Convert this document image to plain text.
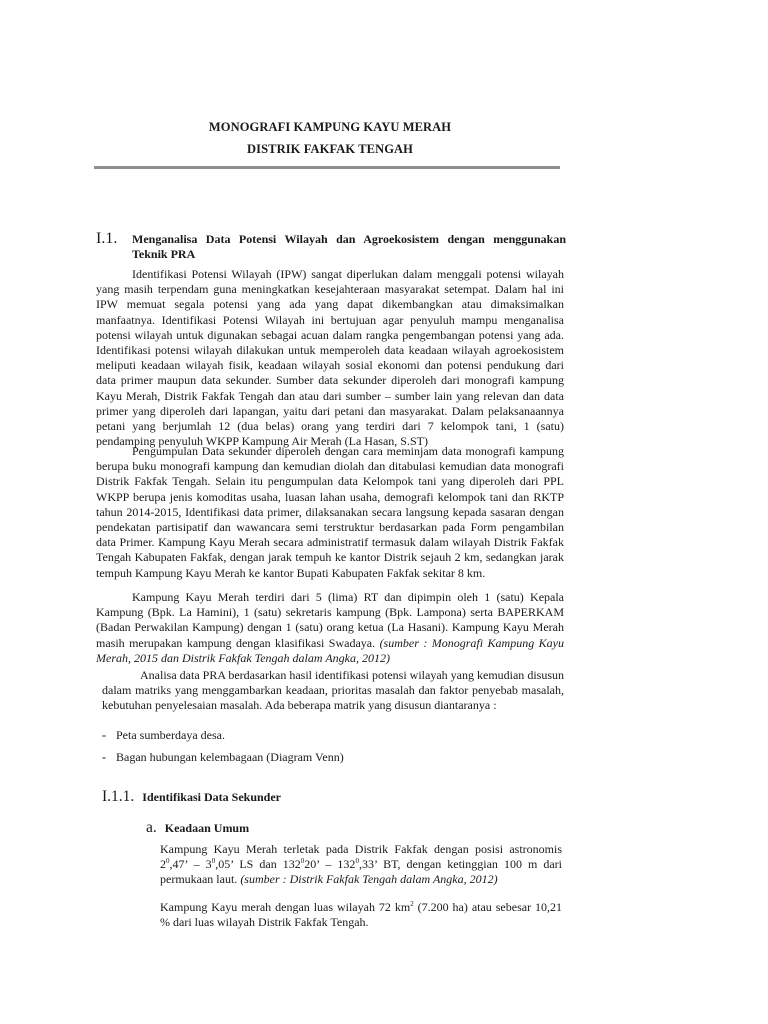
MONOGRAFI KAMPUNG KAYU MERAH
DISTRIK FAKFAK TENGAH
I.1. Menganalisa Data Potensi Wilayah dan Agroekosistem dengan menggunakan Teknik PRA

Identifikasi Potensi Wilayah (IPW) sangat diperlukan dalam menggali potensi wilayah yang masih terpendam guna meningkatkan kesejahteraan masyarakat setempat. Dalam hal ini IPW memuat segala potensi yang ada yang dapat dikembangkan atau dimaksimalkan manfaatnya. Identifikasi Potensi Wilayah ini bertujuan agar penyuluh mampu menganalisa potensi wilayah untuk digunakan sebagai acuan dalam rangka pengembangan potensi yang ada. Identifikasi potensi wilayah dilakukan untuk memperoleh data keadaan wilayah agroekosistem meliputi keadaan wilayah fisik, keadaan wilayah sosial ekonomi dan potensi pendukung dari data primer maupun data sekunder. Sumber data sekunder diperoleh dari monografi kampung Kayu Merah, Distrik Fakfak Tengah dan atau dari sumber – sumber lain yang relevan dan data primer yang diperoleh dari lapangan, yaitu dari petani dan masyarakat. Dalam pelaksanaannya petani yang berjumlah 12 (dua belas) orang yang terdiri dari 7 kelompok tani, 1 (satu) pendamping penyuluh WKPP Kampung Air Merah (La Hasan, S.ST)

Pengumpulan Data sekunder diperoleh dengan cara meminjam data monografi kampung berupa buku monografi kampung dan kemudian diolah dan ditabulasi kemudian data monografi Distrik Fakfak Tengah. Selain itu pengumpulan data Kelompok tani yang diperoleh dari PPL WKPP berupa jenis komoditas usaha, luasan lahan usaha, demografi kelompok tani dan RKTP tahun 2014-2015, Identifikasi data primer, dilaksanakan secara langsung kepada sasaran dengan pendekatan partisipatif dan wawancara semi terstruktur berdasarkan pada Form pengambilan data Primer. Kampung Kayu Merah secara administratif termasuk dalam wilayah Distrik Fakfak Tengah Kabupaten Fakfak, dengan jarak tempuh ke kantor Distrik sejauh 2 km, sedangkan jarak tempuh Kampung Kayu Merah ke kantor Bupati Kabupaten Fakfak sekitar 8 km.

Kampung Kayu Merah terdiri dari 5 (lima) RT dan dipimpin oleh 1 (satu) Kepala Kampung (Bpk. La Hamini), 1 (satu) sekretaris kampung (Bpk. Lampona) serta BAPERKAM (Badan Perwakilan Kampung) dengan 1 (satu) orang ketua (La Hasani). Kampung Kayu Merah masih merupakan kampung dengan klasifikasi Swadaya. (sumber : Monografi Kampung Kayu Merah, 2015 dan Distrik Fakfak Tengah dalam Angka, 2012)

Analisa data PRA berdasarkan hasil identifikasi potensi wilayah yang kemudian disusun dalam matriks yang menggambarkan keadaan, prioritas masalah dan faktor penyebab masalah, kebutuhan penyelesaian masalah. Ada beberapa matrik yang disusun diantaranya :

- Peta sumberdaya desa.
- Bagan hubungan kelembagaan (Diagram Venn)
I.1.1. Identifikasi Data Sekunder
a. Keadaan Umum

Kampung Kayu Merah terletak pada Distrik Fakfak dengan posisi astronomis $2^0,47$’ – $3^0,05$’ LS dan $132^020$’ – $132^0,33$’ BT, dengan ketinggian 100 m dari permukaan laut. (sumber : Distrik Fakfak Tengah dalam Angka, 2012)

Kampung Kayu merah dengan luas wilayah 72 $km^2$ (7.200 ha) atau sebesar 10,21 % dari luas wilayah Distrik Fakfak Tengah.
